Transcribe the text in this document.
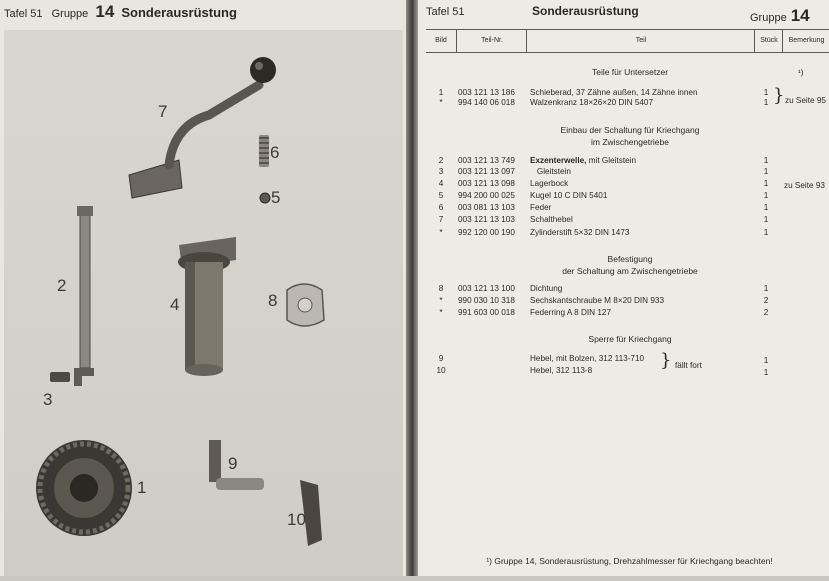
Tafel 51 Gruppe 14 Sonderausrüstung
7
6
5
2
4	8
3
1
9
10
Tafel 51	Sonderausrüstung	Gruppe 14
Bild	Teil-Nr.	Teil	Stück	Bemerkung
Teile für Untersetzer	¹)
1	003 121 13 186 Schieberad, 37 Zähne außen, 14 Zähne innen	1
*	994 140 06 018 Walzenkranz 18×26×20 DIN 5407	1 } zu Seite 95
Einbau der Schaltung für Kriechgang
im Zwischengetriebe
2	003 121 13 749 Exzenterwelle, mit Gleitstein	1
3	003 121 13 097 Gleitstein	1
4	003 121 13 098 Lagerbock	1	zu Seite 93
5	994 200 00 025 Kugel 10 C DIN 5401	1
6	003 081 13 103 Feder	1
7	003 121 13 103 Schalthebel	1
*	992 120 00 190 Zylinderstift 5×32 DIN 1473	1
Befestigung
der Schaltung am Zwischengetriebe
8	003 121 13 100 Dichtung	1
*	990 030 10 318 Sechskantschraube M 8×20 DIN 933	2
*	991 603 00 018 Federring A 8 DIN 127	2
Sperre für Kriechgang
9	Hebel, mit Bolzen, 312 113-710	1
10	Hebel, 312 113-8	1
} fällt fort
¹) Gruppe 14, Sonderausrüstung, Drehzahlmesser für Kriechgang beachten!
